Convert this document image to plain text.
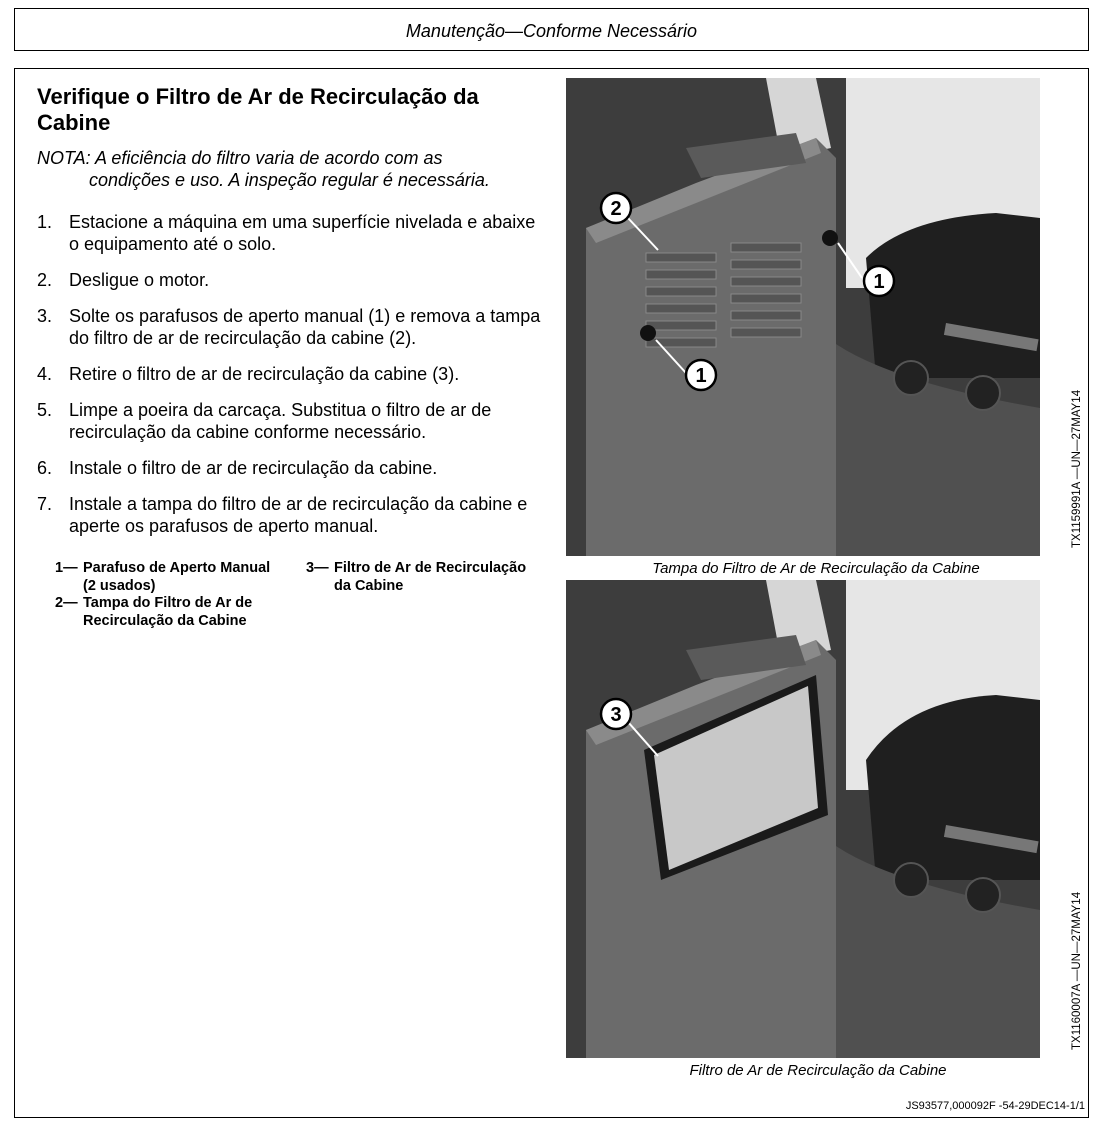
Manutenção—Conforme Necessário
Verifique o Filtro de Ar de Recirculação da Cabine
NOTA: A eficiência do filtro varia de acordo com as
condições e uso. A inspeção regular é necessária.
1. Estacione a máquina em uma superfície nivelada e abaixe o equipamento até o solo.
2. Desligue o motor.
3. Solte os parafusos de aperto manual (1) e remova a tampa do filtro de ar de recirculação da cabine (2).
4. Retire o filtro de ar de recirculação da cabine (3).
5. Limpe a poeira da carcaça. Substitua o filtro de ar de recirculação da cabine conforme necessário.
6. Instale o filtro de ar de recirculação da cabine.
7. Instale a tampa do filtro de ar de recirculação da cabine e aperte os parafusos de aperto manual.
1— Parafuso de Aperto Manual
(2 usados)
2— Tampa do Filtro de Ar de
Recirculação da Cabine
3— Filtro de Ar de Recirculação
da Cabine
2
1
1
Tampa do Filtro de Ar de Recirculação da Cabine
TX1159991A —UN—27MAY14
3
Filtro de Ar de Recirculação da Cabine
TX1160007A —UN—27MAY14
JS93577,000092F -54-29DEC14-1/1
